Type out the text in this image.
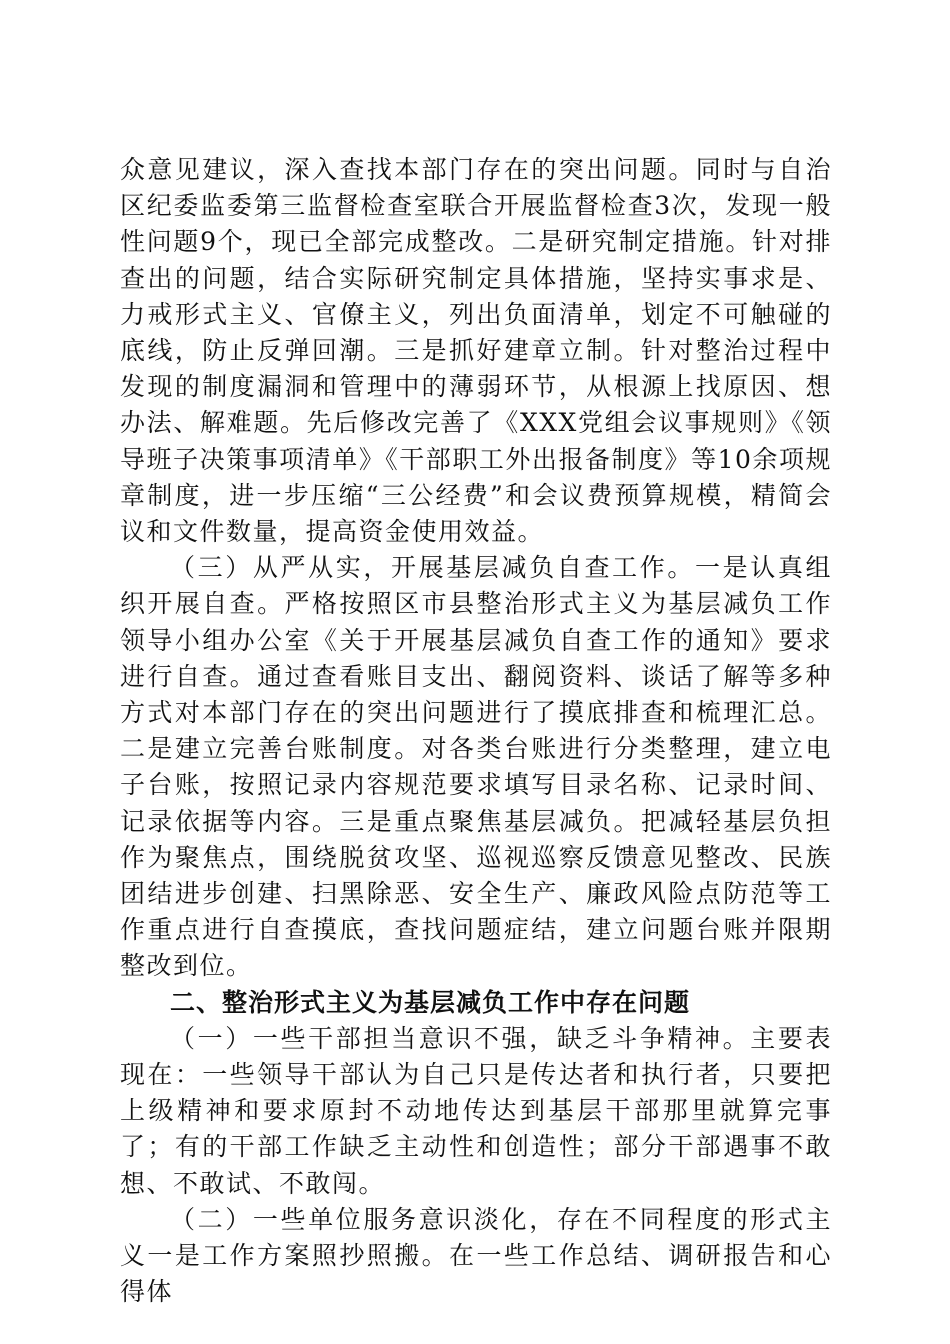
众意见建议，深入查找本部门存在的突出问题。同时与自治区纪委监委第三监督检查室联合开展监督检查3次，发现一般性问题9个，现已全部完成整改。二是研究制定措施。针对排查出的问题，结合实际研究制定具体措施，坚持实事求是、力戒形式主义、官僚主义，列出负面清单，划定不可触碰的底线，防止反弹回潮。三是抓好建章立制。针对整治过程中发现的制度漏洞和管理中的薄弱环节，从根源上找原因、想办法、解难题。先后修改完善了《XXX党组会议事规则》《领导班子决策事项清单》《干部职工外出报备制度》等10余项规章制度，进一步压缩“三公经费”和会议费预算规模，精简会议和文件数量，提高资金使用效益。

（三）从严从实，开展基层减负自查工作。一是认真组织开展自查。严格按照区市县整治形式主义为基层减负工作领导小组办公室《关于开展基层减负自查工作的通知》要求进行自查。通过查看账目支出、翻阅资料、谈话了解等多种方式对本部门存在的突出问题进行了摸底排查和梳理汇总。二是建立完善台账制度。对各类台账进行分类整理，建立电子台账，按照记录内容规范要求填写目录名称、记录时间、记录依据等内容。三是重点聚焦基层减负。把减轻基层负担作为聚焦点，围绕脱贫攻坚、巡视巡察反馈意见整改、民族团结进步创建、扫黑除恶、安全生产、廉政风险点防范等工作重点进行自查摸底，查找问题症结，建立问题台账并限期整改到位。

二、整治形式主义为基层减负工作中存在问题

（一）一些干部担当意识不强，缺乏斗争精神。主要表现在：一些领导干部认为自己只是传达者和执行者，只要把上级精神和要求原封不动地传达到基层干部那里就算完事了；有的干部工作缺乏主动性和创造性；部分干部遇事不敢想、不敢试、不敢闯。

（二）一些单位服务意识淡化，存在不同程度的形式主义一是工作方案照抄照搬。在一些工作总结、调研报告和心得体
